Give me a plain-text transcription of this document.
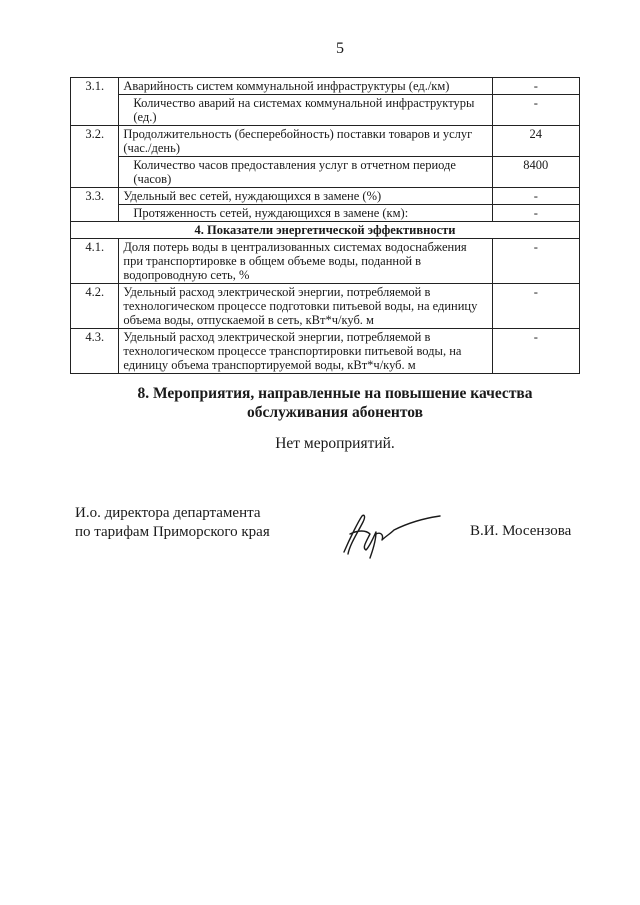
5
3.1.	Аварийность систем коммунальной инфраструктуры (ед./км)	-
	Количество аварий на системах коммунальной инфраструктуры (ед.)	-
3.2.	Продолжительность (бесперебойность) поставки товаров и услуг (час./день)	24
	Количество часов предоставления услуг в отчетном периоде (часов)	8400
3.3.	Удельный вес сетей, нуждающихся в замене (%)	-
	Протяженность сетей, нуждающихся в замене (км):	-
4. Показатели энергетической эффективности		
4.1.	Доля потерь воды в централизованных системах водоснабжения при транспортировке в общем объеме воды, поданной в водопроводную сеть, %	-
4.2.	Удельный расход электрической энергии, потребляемой в технологическом процессе подготовки питьевой воды, на единицу объема воды, отпускаемой в сеть, кВт*ч/куб. м	-
4.3.	Удельный расход электрической энергии, потребляемой в технологическом процессе транспортировки питьевой воды, на единицу объема транспортируемой воды, кВт*ч/куб. м	-
8. Мероприятия, направленные на повышение качества
обслуживания абонентов
Нет мероприятий.
И.о. директора департамента
по тарифам Приморского края	В.И. Мосензова
